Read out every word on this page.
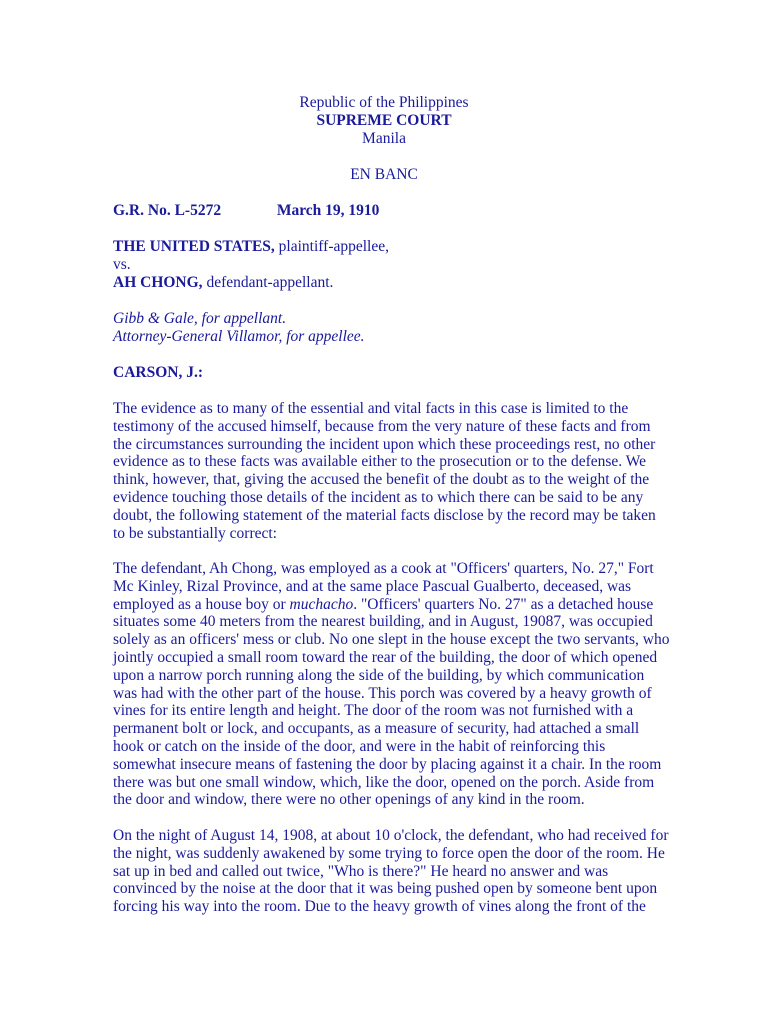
Republic of the Philippines
SUPREME COURT
Manila
EN BANC
G.R. No. L-5272	March 19, 1910
THE UNITED STATES, plaintiff-appellee,
vs.
AH CHONG, defendant-appellant.
Gibb & Gale, for appellant.
Attorney-General Villamor, for appellee.
CARSON, J.:
The evidence as to many of the essential and vital facts in this case is limited to the
testimony of the accused himself, because from the very nature of these facts and from
the circumstances surrounding the incident upon which these proceedings rest, no other
evidence as to these facts was available either to the prosecution or to the defense. We
think, however, that, giving the accused the benefit of the doubt as to the weight of the
evidence touching those details of the incident as to which there can be said to be any
doubt, the following statement of the material facts disclose by the record may be taken
to be substantially correct:
The defendant, Ah Chong, was employed as a cook at "Officers' quarters, No. 27," Fort
Mc Kinley, Rizal Province, and at the same place Pascual Gualberto, deceased, was
employed as a house boy or muchacho. "Officers' quarters No. 27" as a detached house
situates some 40 meters from the nearest building, and in August, 19087, was occupied
solely as an officers' mess or club. No one slept in the house except the two servants, who
jointly occupied a small room toward the rear of the building, the door of which opened
upon a narrow porch running along the side of the building, by which communication
was had with the other part of the house. This porch was covered by a heavy growth of
vines for its entire length and height. The door of the room was not furnished with a
permanent bolt or lock, and occupants, as a measure of security, had attached a small
hook or catch on the inside of the door, and were in the habit of reinforcing this
somewhat insecure means of fastening the door by placing against it a chair. In the room
there was but one small window, which, like the door, opened on the porch. Aside from
the door and window, there were no other openings of any kind in the room.
On the night of August 14, 1908, at about 10 o'clock, the defendant, who had received for
the night, was suddenly awakened by some trying to force open the door of the room. He
sat up in bed and called out twice, "Who is there?" He heard no answer and was
convinced by the noise at the door that it was being pushed open by someone bent upon
forcing his way into the room. Due to the heavy growth of vines along the front of the
